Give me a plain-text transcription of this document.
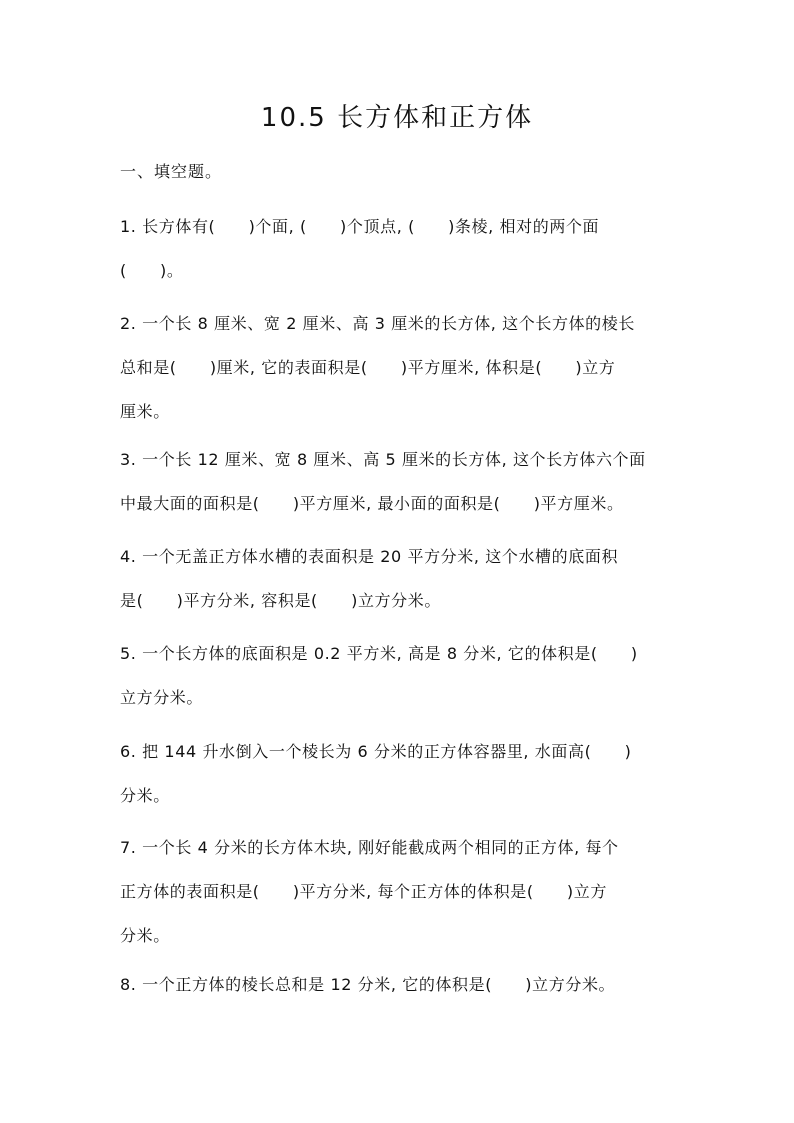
10.5 长方体和正方体
一、填空题。
1. 长方体有(　　)个面, (　　)个顶点, (　　)条棱, 相对的两个面
(　　)。
2. 一个长 8 厘米、宽 2 厘米、高 3 厘米的长方体, 这个长方体的棱长
总和是(　　)厘米, 它的表面积是(　　)平方厘米, 体积是(　　)立方
厘米。
3. 一个长 12 厘米、宽 8 厘米、高 5 厘米的长方体, 这个长方体六个面
中最大面的面积是(　　)平方厘米, 最小面的面积是(　　)平方厘米。
4. 一个无盖正方体水槽的表面积是 20 平方分米, 这个水槽的底面积
是(　　)平方分米, 容积是(　　)立方分米。
5. 一个长方体的底面积是 0.2 平方米, 高是 8 分米, 它的体积是(　　)
立方分米。
6. 把 144 升水倒入一个棱长为 6 分米的正方体容器里, 水面高(　　)
分米。
7. 一个长 4 分米的长方体木块, 刚好能截成两个相同的正方体, 每个
正方体的表面积是(　　)平方分米, 每个正方体的体积是(　　)立方
分米。
8. 一个正方体的棱长总和是 12 分米, 它的体积是(　　)立方分米。
